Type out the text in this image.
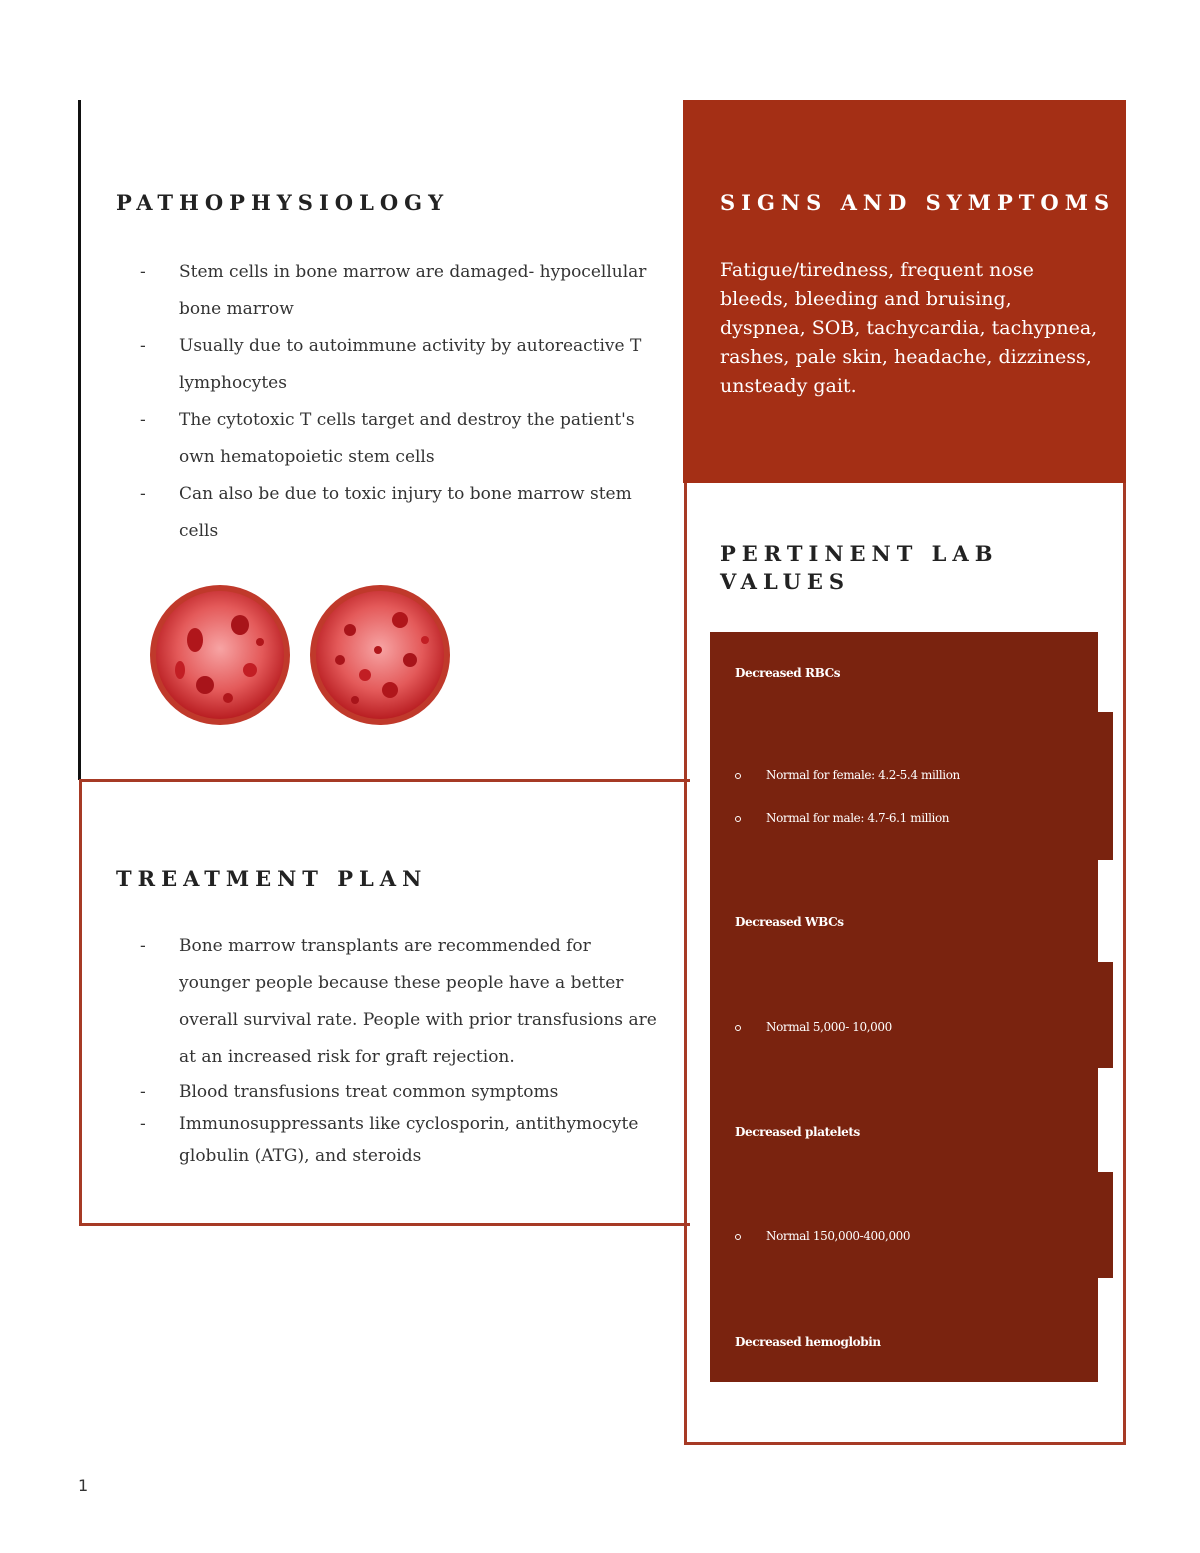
PATHOPHYSIOLOGY
- Stem cells in bone marrow are damaged- hypocellular bone marrow
- Usually due to autoimmune activity by autoreactive T lymphocytes
- The cytotoxic T cells target and destroy the patient's own hematopoietic stem cells
- Can also be due to toxic injury to bone marrow stem cells
TREATMENT PLAN
- Bone marrow transplants are recommended for younger people because these people have a better overall survival rate. People with prior transfusions are at an increased risk for graft rejection.
- Blood transfusions treat common symptoms
- Immunosuppressants like cyclosporin, antithymocyte globulin (ATG), and steroids
SIGNS AND SYMPTOMS

Fatigue/tiredness, frequent nose bleeds, bleeding and bruising, dyspnea, SOB, tachycardia, tachypnea, rashes, pale skin, headache, dizziness, unsteady gait.

PERTINENT LAB VALUES
Decreased RBCs
Normal for female: 4.2-5.4 million
Normal for male: 4.7-6.1 million
Decreased WBCs
Normal 5,000- 10,000
Decreased platelets
Normal 150,000-400,000
Decreased hemoglobin
1
